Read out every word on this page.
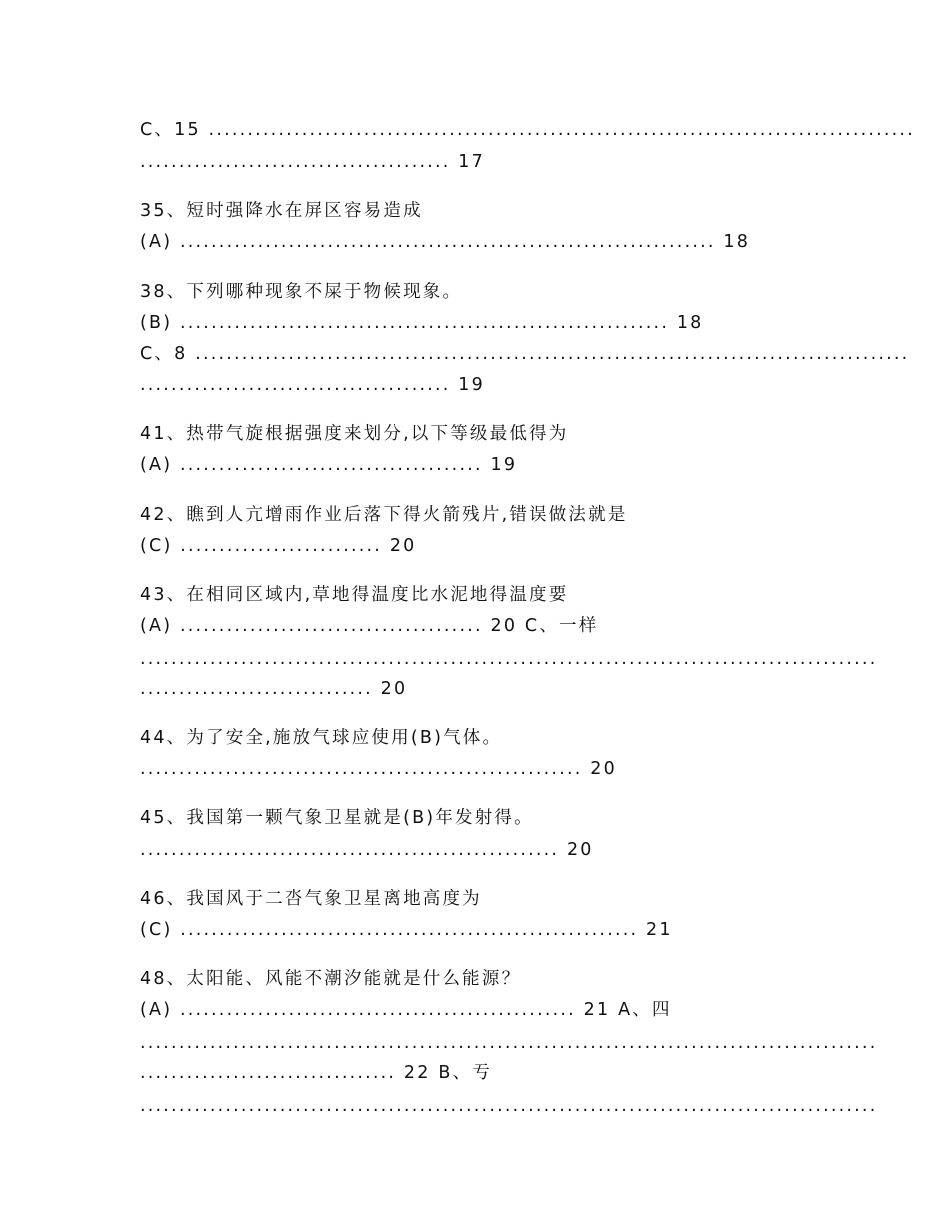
C、15 ...........................................................................................
........................................ 17
35、短时强降水在屏区容易造成
(A) ..................................................................... 18
38、下列哪种现象不屎于物候现象。
(B) ............................................................... 18
C、8 ............................................................................................
........................................ 19
41、热带气旋根据强度来划分,以下等级最低得为
(A) ....................................... 19
42、瞧到人亢增雨作业后落下得火箭残片,错误做法就是
(C) .......................... 20
43、在相同区域内,草地得温度比水泥地得温度要
(A) ....................................... 20 C、一样
...............................................................................................
.............................. 20
44、为了安全,施放气球应使用(B)气体。
......................................................... 20
45、我国第一颗气象卫星就是(B)年发射得。
...................................................... 20
46、我国风于二呇气象卫星离地高度为
(C) ........................................................... 21
48、太阳能、风能不潮汐能就是什么能源？
(A) ................................................... 21 A、四
...............................................................................................
................................. 22 B、亐
...............................................................................................
